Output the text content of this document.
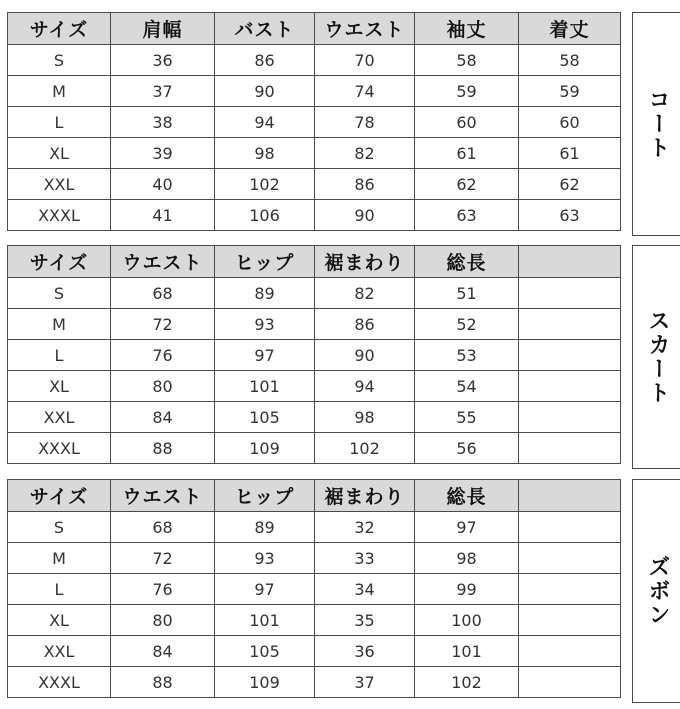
サイズ	肩幅	バスト	ウエスト	袖丈	着丈
S	36	86	70	58	58
M	37	90	74	59	59
L	38	94	78	60	60
XL	39	98	82	61	61
XXL	40	102	86	62	62
XXXL	41	106	90	63	63
コート
サイズ	ウエスト	ヒップ	裾まわり	総長	
S	68	89	82	51	
M	72	93	86	52	
L	76	97	90	53	
XL	80	101	94	54	
XXL	84	105	98	55	
XXXL	88	109	102	56	
スカート
サイズ	ウエスト	ヒップ	裾まわり	総長	
S	68	89	32	97	
M	72	93	33	98	
L	76	97	34	99	
XL	80	101	35	100	
XXL	84	105	36	101	
XXXL	88	109	37	102	
ズボン
